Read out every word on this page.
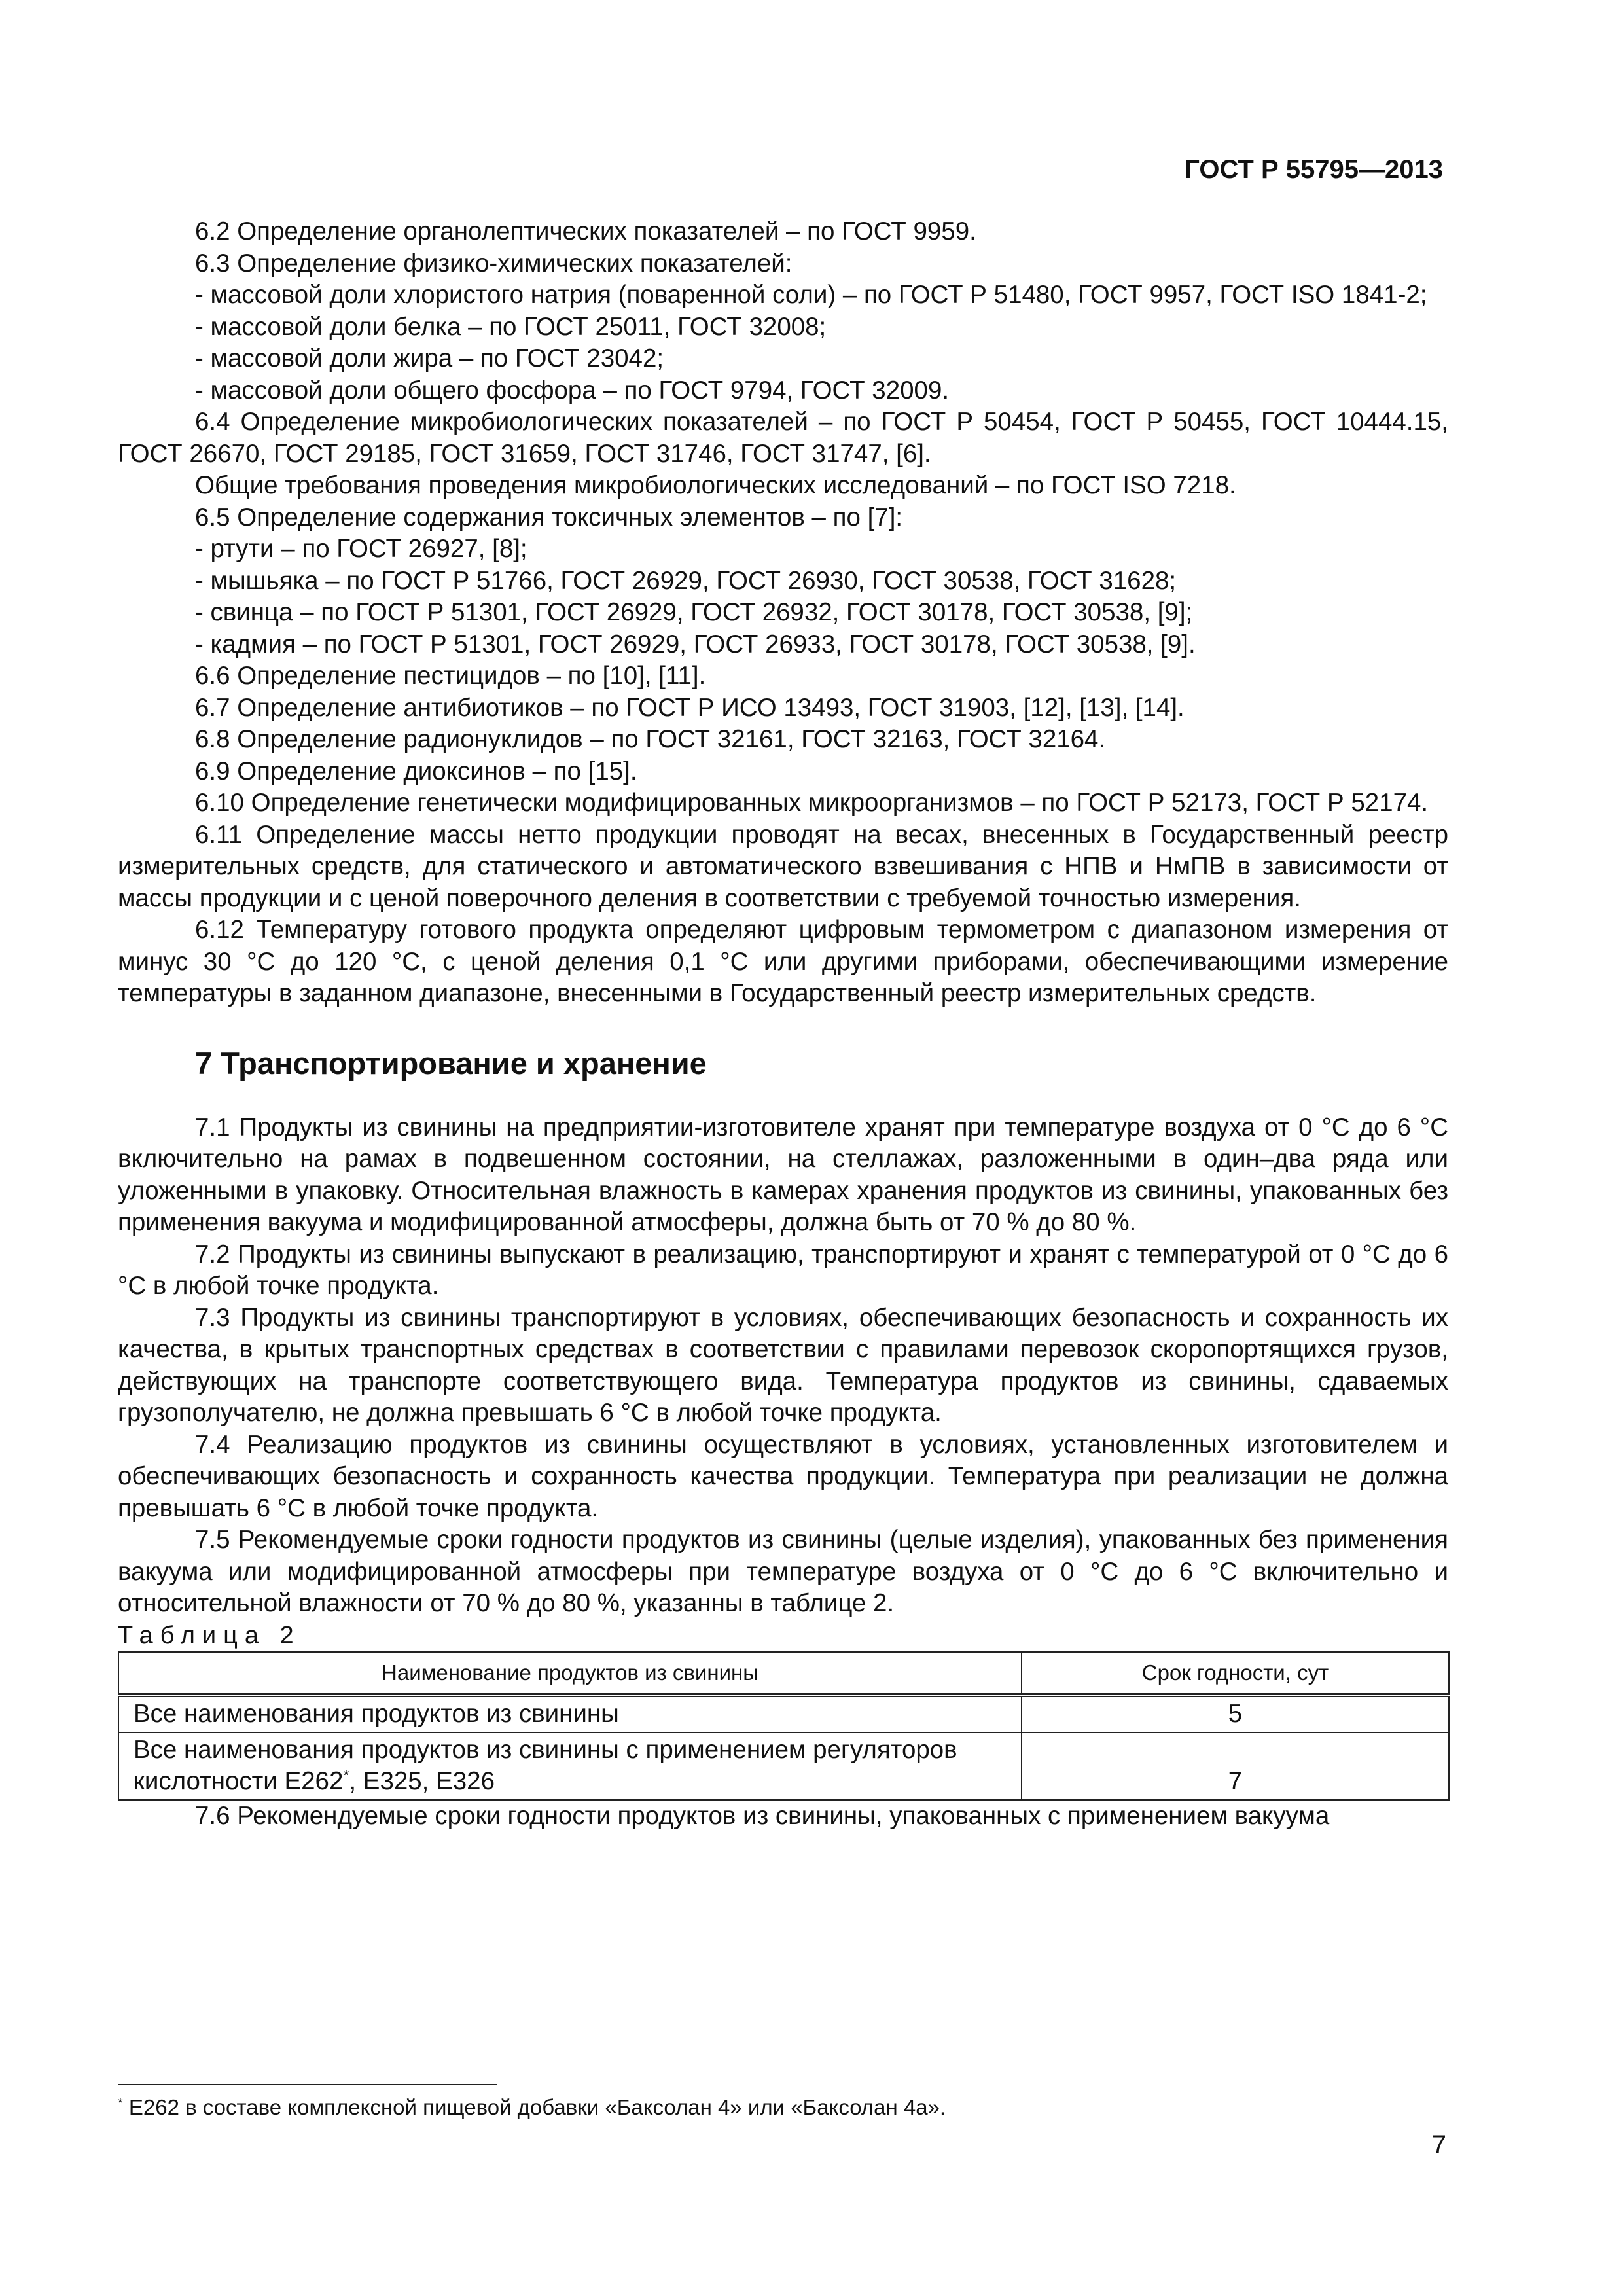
ГОСТ Р 55795—2013

6.2 Определение органолептических показателей – по ГОСТ 9959.

6.3 Определение физико-химических показателей:

- массовой доли хлористого натрия (поваренной соли) – по ГОСТ Р 51480, ГОСТ 9957, ГОСТ ISO 1841-2;

- массовой доли белка – по ГОСТ 25011, ГОСТ 32008;

- массовой доли жира – по ГОСТ 23042;

- массовой доли общего фосфора – по ГОСТ 9794, ГОСТ 32009.

6.4 Определение микробиологических показателей – по ГОСТ Р 50454, ГОСТ Р 50455, ГОСТ 10444.15, ГОСТ 26670, ГОСТ 29185, ГОСТ 31659, ГОСТ 31746, ГОСТ 31747, [6].

Общие требования проведения микробиологических исследований – по ГОСТ ISO 7218.

6.5 Определение содержания токсичных элементов – по [7]:

- ртути – по ГОСТ 26927, [8];

- мышьяка – по ГОСТ Р 51766, ГОСТ 26929, ГОСТ 26930, ГОСТ 30538, ГОСТ 31628;

- свинца – по ГОСТ Р 51301, ГОСТ 26929, ГОСТ 26932, ГОСТ 30178, ГОСТ 30538, [9];

- кадмия – по ГОСТ Р 51301, ГОСТ 26929, ГОСТ 26933, ГОСТ 30178, ГОСТ 30538, [9].

6.6 Определение пестицидов – по [10], [11].

6.7 Определение антибиотиков – по ГОСТ Р ИСО 13493, ГОСТ 31903, [12], [13], [14].

6.8 Определение радионуклидов – по ГОСТ 32161, ГОСТ 32163, ГОСТ 32164.

6.9 Определение диоксинов – по [15].

6.10 Определение генетически модифицированных микроорганизмов – по ГОСТ Р 52173, ГОСТ Р 52174.

6.11 Определение массы нетто продукции проводят на весах, внесенных в Государственный реестр измерительных средств, для статического и автоматического взвешивания с НПВ и НмПВ в зависимости от массы продукции и с ценой поверочного деления в соответствии с требуемой точностью измерения.

6.12 Температуру готового продукта определяют цифровым термометром с диапазоном измерения от минус 30 °С до 120 °С, с ценой деления 0,1 °С или другими приборами, обеспечивающими измерение температуры в заданном диапазоне, внесенными в Государственный реестр измерительных средств.

7 Транспортирование и хранение

7.1 Продукты из свинины на предприятии-изготовителе хранят при температуре воздуха от 0 °С до 6 °С включительно на рамах в подвешенном состоянии, на стеллажах, разложенными в один–два ряда или уложенными в упаковку. Относительная влажность в камерах хранения продуктов из свинины, упакованных без применения вакуума и модифицированной атмосферы, должна быть от 70 % до 80 %.

7.2 Продукты из свинины выпускают в реализацию, транспортируют и хранят с температурой от 0 °С до 6 °С в любой точке продукта.

7.3 Продукты из свинины транспортируют в условиях, обеспечивающих безопасность и сохранность их качества, в крытых транспортных средствах в соответствии с правилами перевозок скоропортящихся грузов, действующих на транспорте соответствующего вида. Температура продуктов из свинины, сдаваемых грузополучателю, не должна превышать 6 °С в любой точке продукта.

7.4 Реализацию продуктов из свинины осуществляют в условиях, установленных изготовителем и обеспечивающих безопасность и сохранность качества продукции. Температура при реализации не должна превышать 6 °С в любой точке продукта.

7.5 Рекомендуемые сроки годности продуктов из свинины (целые изделия), упакованных без применения вакуума или модифицированной атмосферы при температуре воздуха от 0 °С до 6 °С включительно и относительной влажности от 70 % до 80 %, указанны в таблице 2.

Таблица 2

Наименование продуктов из свинины	Срок годности, сут
Все наименования продуктов из свинины	5
Все наименования продуктов из свинины с применением регуляторов кислотности E262*, E325, E326	7

7.6 Рекомендуемые сроки годности продуктов из свинины, упакованных с применением вакуума

* E262 в составе комплексной пищевой добавки «Баксолан 4» или «Баксолан 4а».
7
